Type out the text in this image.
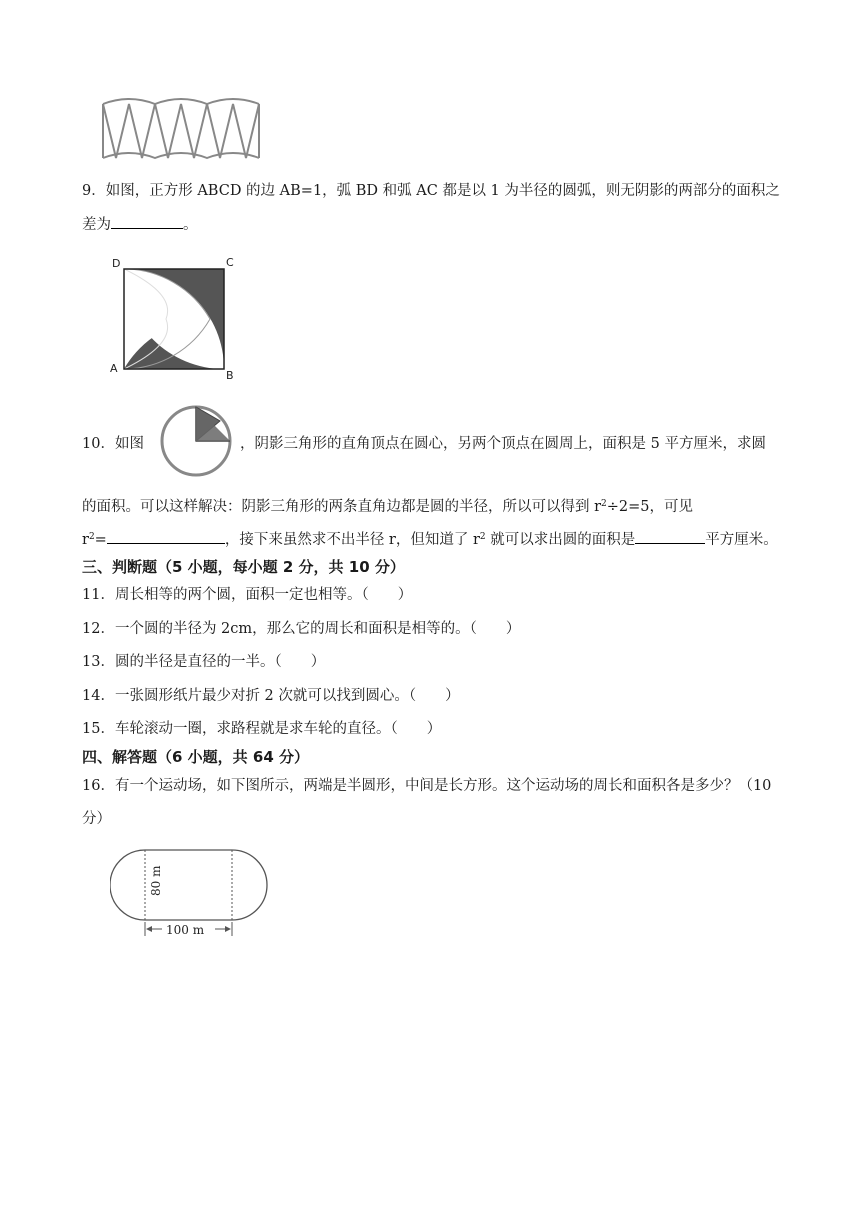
9．如图，正方形 ABCD 的边 AB=1，弧 BD 和弧 AC 都是以 1 为半径的圆弧，则无阴影的两部分的面积之
差为	。
D	C
A
B
10．如图	，阴影三角形的直角顶点在圆心，另两个顶点在圆周上，面积是 5 平方厘米，求圆
的面积。可以这样解决：阴影三角形的两条直角边都是圆的半径，所以可以得到 $r^2\div 2=5$，可见
$r^2=$	，接下来虽然求不出半径 r，但知道了 $r^2$ 就可以求出圆的面积是	平方厘米。
三、判断题（5 小题，每小题 2 分，共 10 分）
11．周长相等的两个圆，面积一定也相等。（　　）
12．一个圆的半径为 2cm，那么它的周长和面积是相等的。（　　）
13．圆的半径是直径的一半。（　　）
14．一张圆形纸片最少对折 2 次就可以找到圆心。（　　）
15．车轮滚动一圈，求路程就是求车轮的直径。（　　）
四、解答题（6 小题，共 64 分）
16．有一个运动场，如下图所示，两端是半圆形，中间是长方形。这个运动场的周长和面积各是多少？（10
分）
80 m
100 m
